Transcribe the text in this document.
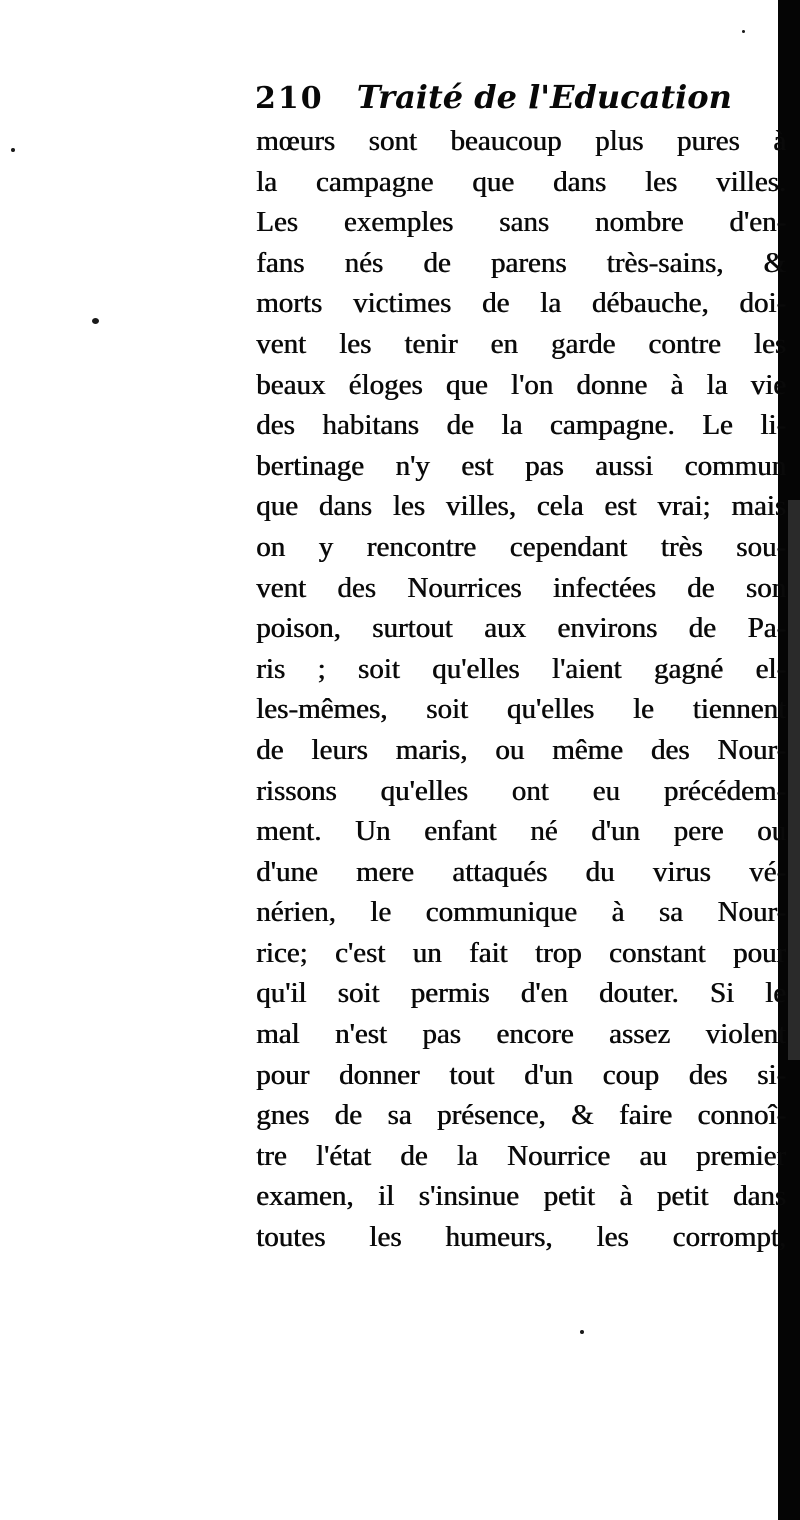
210 Traité de l'Education
mœurs sont beaucoup plus pures à
la campagne que dans les villes.
Les exemples sans nombre d'en-
fans nés de parens très-sains, &
morts victimes de la débauche, doi-
vent les tenir en garde contre les
beaux éloges que l'on donne à la vie
des habitans de la campagne. Le li-
bertinage n'y est pas aussi commun
que dans les villes, cela est vrai; mais
on y rencontre cependant très sou-
vent des Nourrices infectées de son
poison, surtout aux environs de Pa-
ris ; soit qu'elles l'aient gagné el-
les-mêmes, soit qu'elles le tiennent
de leurs maris, ou même des Nour-
rissons qu'elles ont eu précédem-
ment. Un enfant né d'un pere ou
d'une mere attaqués du virus vé-
nérien, le communique à sa Nour-
rice; c'est un fait trop constant pour
qu'il soit permis d'en douter. Si le
mal n'est pas encore assez violent
pour donner tout d'un coup des si-
gnes de sa présence, & faire connoî-
tre l'état de la Nourrice au premier
examen, il s'insinue petit à petit dans
toutes les humeurs, les corrompt,
